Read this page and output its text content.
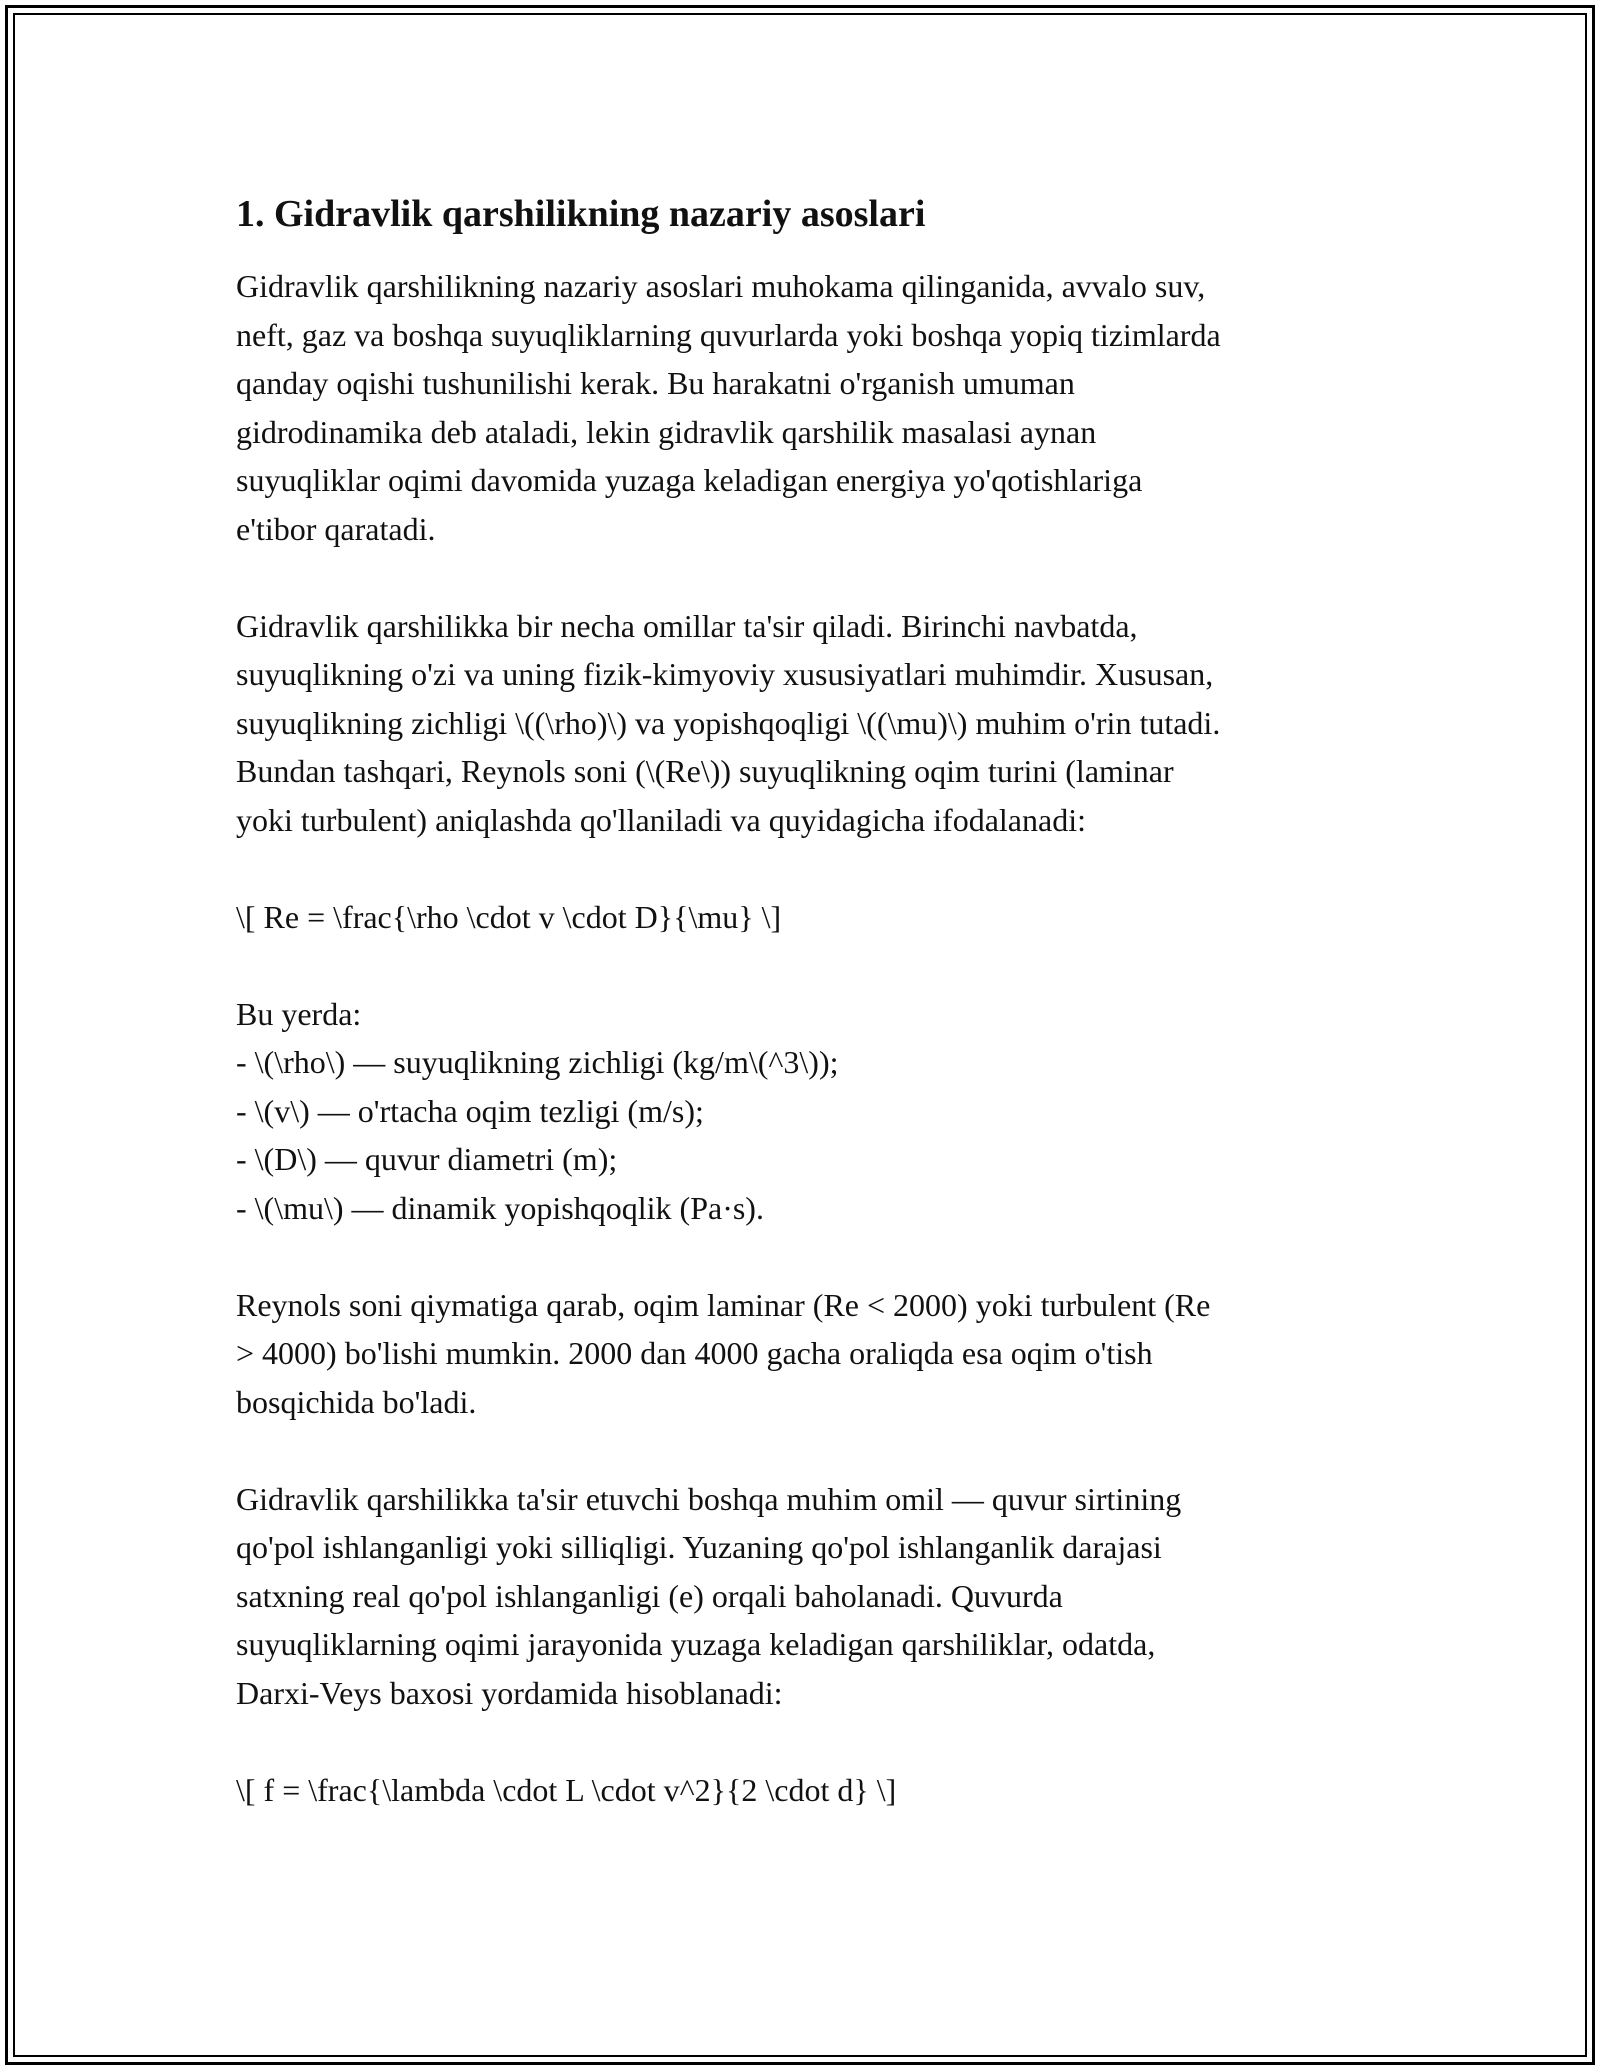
1. Gidravlik qarshilikning nazariy asoslari

Gidravlik qarshilikning nazariy asoslari muhokama qilinganida, avvalo suv,
neft, gaz va boshqa suyuqliklarning quvurlarda yoki boshqa yopiq tizimlarda
qanday oqishi tushunilishi kerak. Bu harakatni o'rganish umuman
gidrodinamika deb ataladi, lekin gidravlik qarshilik masalasi aynan
suyuqliklar oqimi davomida yuzaga keladigan energiya yo'qotishlariga
e'tibor qaratadi.

Gidravlik qarshilikka bir necha omillar ta'sir qiladi. Birinchi navbatda,
suyuqlikning o'zi va uning fizik-kimyoviy xususiyatlari muhimdir. Xususan,
suyuqlikning zichligi \((\rho)\) va yopishqoqligi \((\mu)\) muhim o'rin tutadi.
Bundan tashqari, Reynols soni (\(Re\)) suyuqlikning oqim turini (laminar
yoki turbulent) aniqlashda qo'llaniladi va quyidagicha ifodalanadi:

\[ Re = \frac{\rho \cdot v \cdot D}{\mu} \]

Bu yerda:
- \(\rho\) — suyuqlikning zichligi (kg/m\(^3\));
- \(v\) — o'rtacha oqim tezligi (m/s);
- \(D\) — quvur diametri (m);
- \(\mu\) — dinamik yopishqoqlik (Pa·s).

Reynols soni qiymatiga qarab, oqim laminar (Re < 2000) yoki turbulent (Re
> 4000) bo'lishi mumkin. 2000 dan 4000 gacha oraliqda esa oqim o'tish
bosqichida bo'ladi.

Gidravlik qarshilikka ta'sir etuvchi boshqa muhim omil — quvur sirtining
qo'pol ishlanganligi yoki silliqligi. Yuzaning qo'pol ishlanganlik darajasi
satxning real qo'pol ishlanganligi (e) orqali baholanadi. Quvurda
suyuqliklarning oqimi jarayonida yuzaga keladigan qarshiliklar, odatda,
Darxi-Veys baxosi yordamida hisoblanadi:

\[ f = \frac{\lambda \cdot L \cdot v^2}{2 \cdot d} \]
